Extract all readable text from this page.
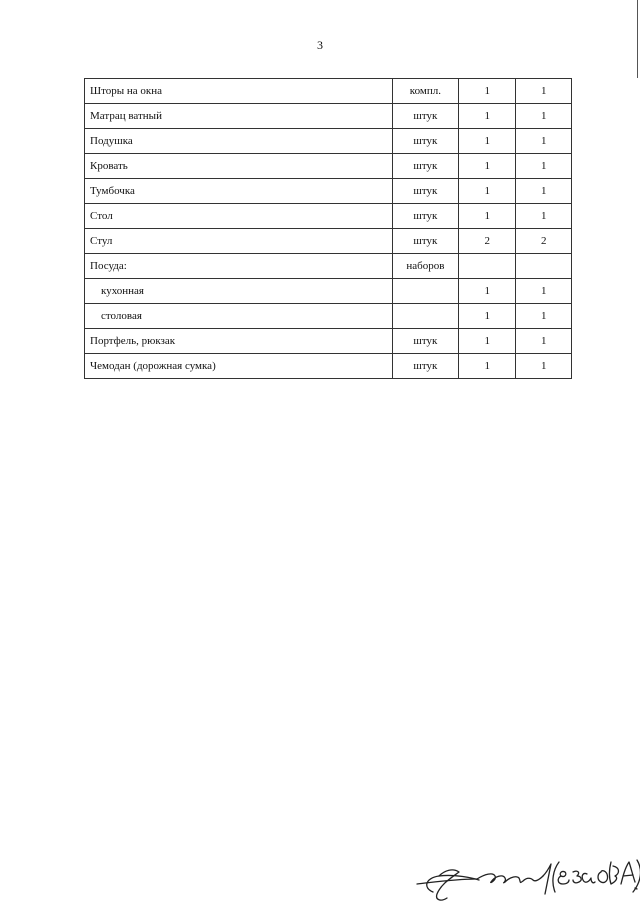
3
Шторы на окна	компл.	1	1
Матрац ватный	штук	1	1
Подушка	штук	1	1
Кровать	штук	1	1
Тумбочка	штук	1	1
Стол	штук	1	1
Стул	штук	2	2
Посуда:	наборов		
кухонная		1	1
столовая		1	1
Портфель, рюкзак	штук	1	1
Чемодан (дорожная сумка)	штук	1	1
